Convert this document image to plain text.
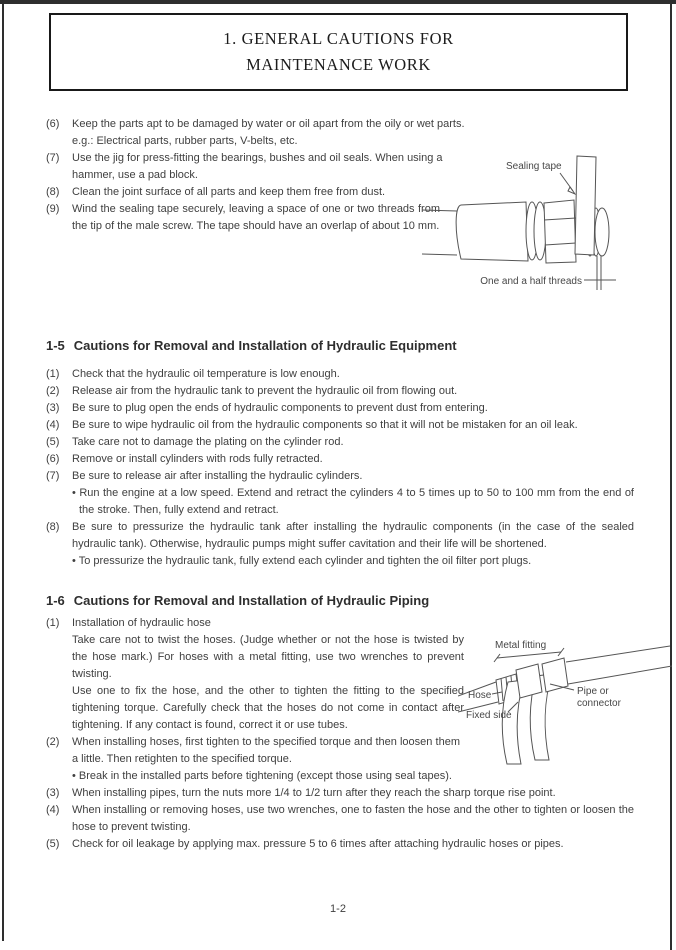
1. GENERAL CAUTIONS FOR
MAINTENANCE WORK
(6) Keep the parts apt to be damaged by water or oil apart from the oily or wet parts.
e.g.: Electrical parts, rubber parts, V-belts, etc.
(7) Use the jig for press-fitting the bearings, bushes and oil seals. When using a hammer, use a pad block.
(8) Clean the joint surface of all parts and keep them free from dust.
(9) Wind the sealing tape securely, leaving a space of one or two threads from the tip of the male screw. The tape should have an overlap of about 10 mm.
Sealing tape
One and a half threads
1-5 Cautions for Removal and Installation of Hydraulic Equipment
(1) Check that the hydraulic oil temperature is low enough.
(2) Release air from the hydraulic tank to prevent the hydraulic oil from flowing out.
(3) Be sure to plug open the ends of hydraulic components to prevent dust from entering.
(4) Be sure to wipe hydraulic oil from the hydraulic components so that it will not be mistaken for an oil leak.
(5) Take care not to damage the plating on the cylinder rod.
(6) Remove or install cylinders with rods fully retracted.
(7) Be sure to release air after installing the hydraulic cylinders.
• Run the engine at a low speed. Extend and retract the cylinders 4 to 5 times up to 50 to 100 mm from the end of the stroke. Then, fully extend and retract.
(8) Be sure to pressurize the hydraulic tank after installing the hydraulic components (in the case of the sealed hydraulic tank). Otherwise, hydraulic pumps might suffer cavitation and their life will be shortened.
• To pressurize the hydraulic tank, fully extend each cylinder and tighten the oil filter port plugs.
1-6 Cautions for Removal and Installation of Hydraulic Piping
(1) Installation of hydraulic hose
Take care not to twist the hoses. (Judge whether or not the hose is twisted by the hose mark.) For hoses with a metal fitting, use two wrenches to prevent twisting.
Use one to fix the hose, and the other to tighten the fitting to the specified tightening torque. Carefully check that the hoses do not come in contact after tightening. If any contact is found, correct it or use tubes.
(2) When installing hoses, first tighten to the specified torque and then loosen them a little. Then retighten to the specified torque.
• Break in the installed parts before tightening (except those using seal tapes).
(3) When installing pipes, turn the nuts more 1/4 to 1/2 turn after they reach the sharp torque rise point.
(4) When installing or removing hoses, use two wrenches, one to fasten the hose and the other to tighten or loosen the hose to prevent twisting.
(5) Check for oil leakage by applying max. pressure 5 to 6 times after attaching hydraulic hoses or pipes.
Metal fitting
Hose	Pipe or
connector
Fixed side
1-2
